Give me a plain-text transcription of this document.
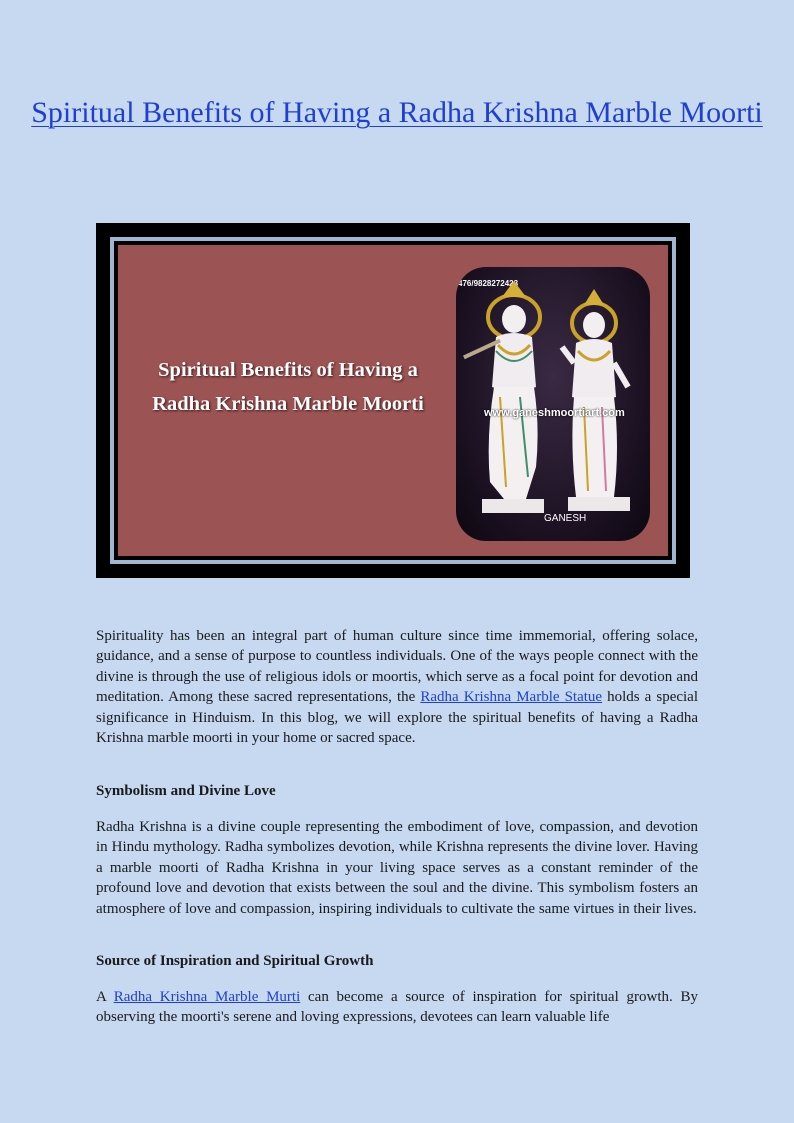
Spiritual Benefits of Having a Radha Krishna Marble Moorti
Spiritual Benefits of Having a Radha Krishna Marble Moorti
476/9828272423
www.ganeshmoortiart.com
GANESH

Spirituality has been an integral part of human culture since time immemorial, offering solace, guidance, and a sense of purpose to countless individuals. One of the ways people connect with the divine is through the use of religious idols or moortis, which serve as a focal point for devotion and meditation. Among these sacred representations, the Radha Krishna Marble Statue holds a special significance in Hinduism. In this blog, we will explore the spiritual benefits of having a Radha Krishna marble moorti in your home or sacred space.

Symbolism and Divine Love

Radha Krishna is a divine couple representing the embodiment of love, compassion, and devotion in Hindu mythology. Radha symbolizes devotion, while Krishna represents the divine lover. Having a marble moorti of Radha Krishna in your living space serves as a constant reminder of the profound love and devotion that exists between the soul and the divine. This symbolism fosters an atmosphere of love and compassion, inspiring individuals to cultivate the same virtues in their lives.

Source of Inspiration and Spiritual Growth

A Radha Krishna Marble Murti can become a source of inspiration for spiritual growth. By observing the moorti's serene and loving expressions, devotees can learn valuable life
